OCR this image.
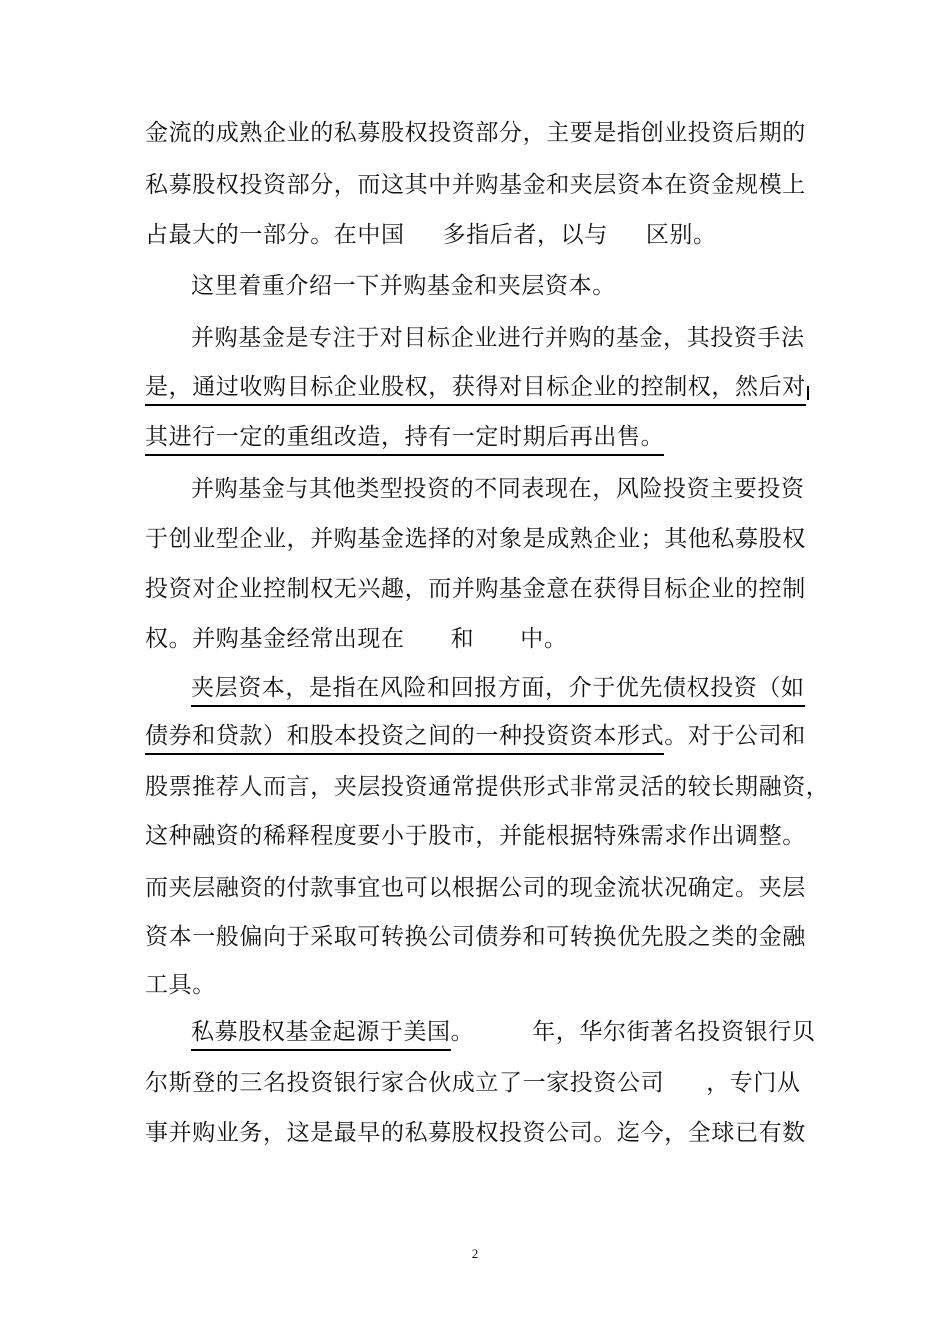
金流的成熟企业的私募股权投资部分，主要是指创业投资后期的
私募股权投资部分，而这其中并购基金和夹层资本在资金规模上
占最大的一部分。在中国 多指后者，以与 区别。
这里着重介绍一下并购基金和夹层资本。
并购基金是专注于对目标企业进行并购的基金，其投资手法
是，通过收购目标企业股权，获得对目标企业的控制权，然后对
其进行一定的重组改造，持有一定时期后再出售。
并购基金与其他类型投资的不同表现在，风险投资主要投资
于创业型企业，并购基金选择的对象是成熟企业；其他私募股权
投资对企业控制权无兴趣，而并购基金意在获得目标企业的控制
权。并购基金经常出现在 和 中。
夹层资本，是指在风险和回报方面，介于优先债权投资（如
债券和贷款）和股本投资之间的一种投资资本形式。对于公司和
股票推荐人而言，夹层投资通常提供形式非常灵活的较长期融资，
这种融资的稀释程度要小于股市，并能根据特殊需求作出调整。
而夹层融资的付款事宜也可以根据公司的现金流状况确定。夹层
资本一般偏向于采取可转换公司债券和可转换优先股之类的金融
工具。
私募股权基金起源于美国。	年，华尔街著名投资银行贝
尔斯登的三名投资银行家合伙成立了一家投资公司 ，专门从
事并购业务，这是最早的私募股权投资公司。迄今，全球已有数
2
